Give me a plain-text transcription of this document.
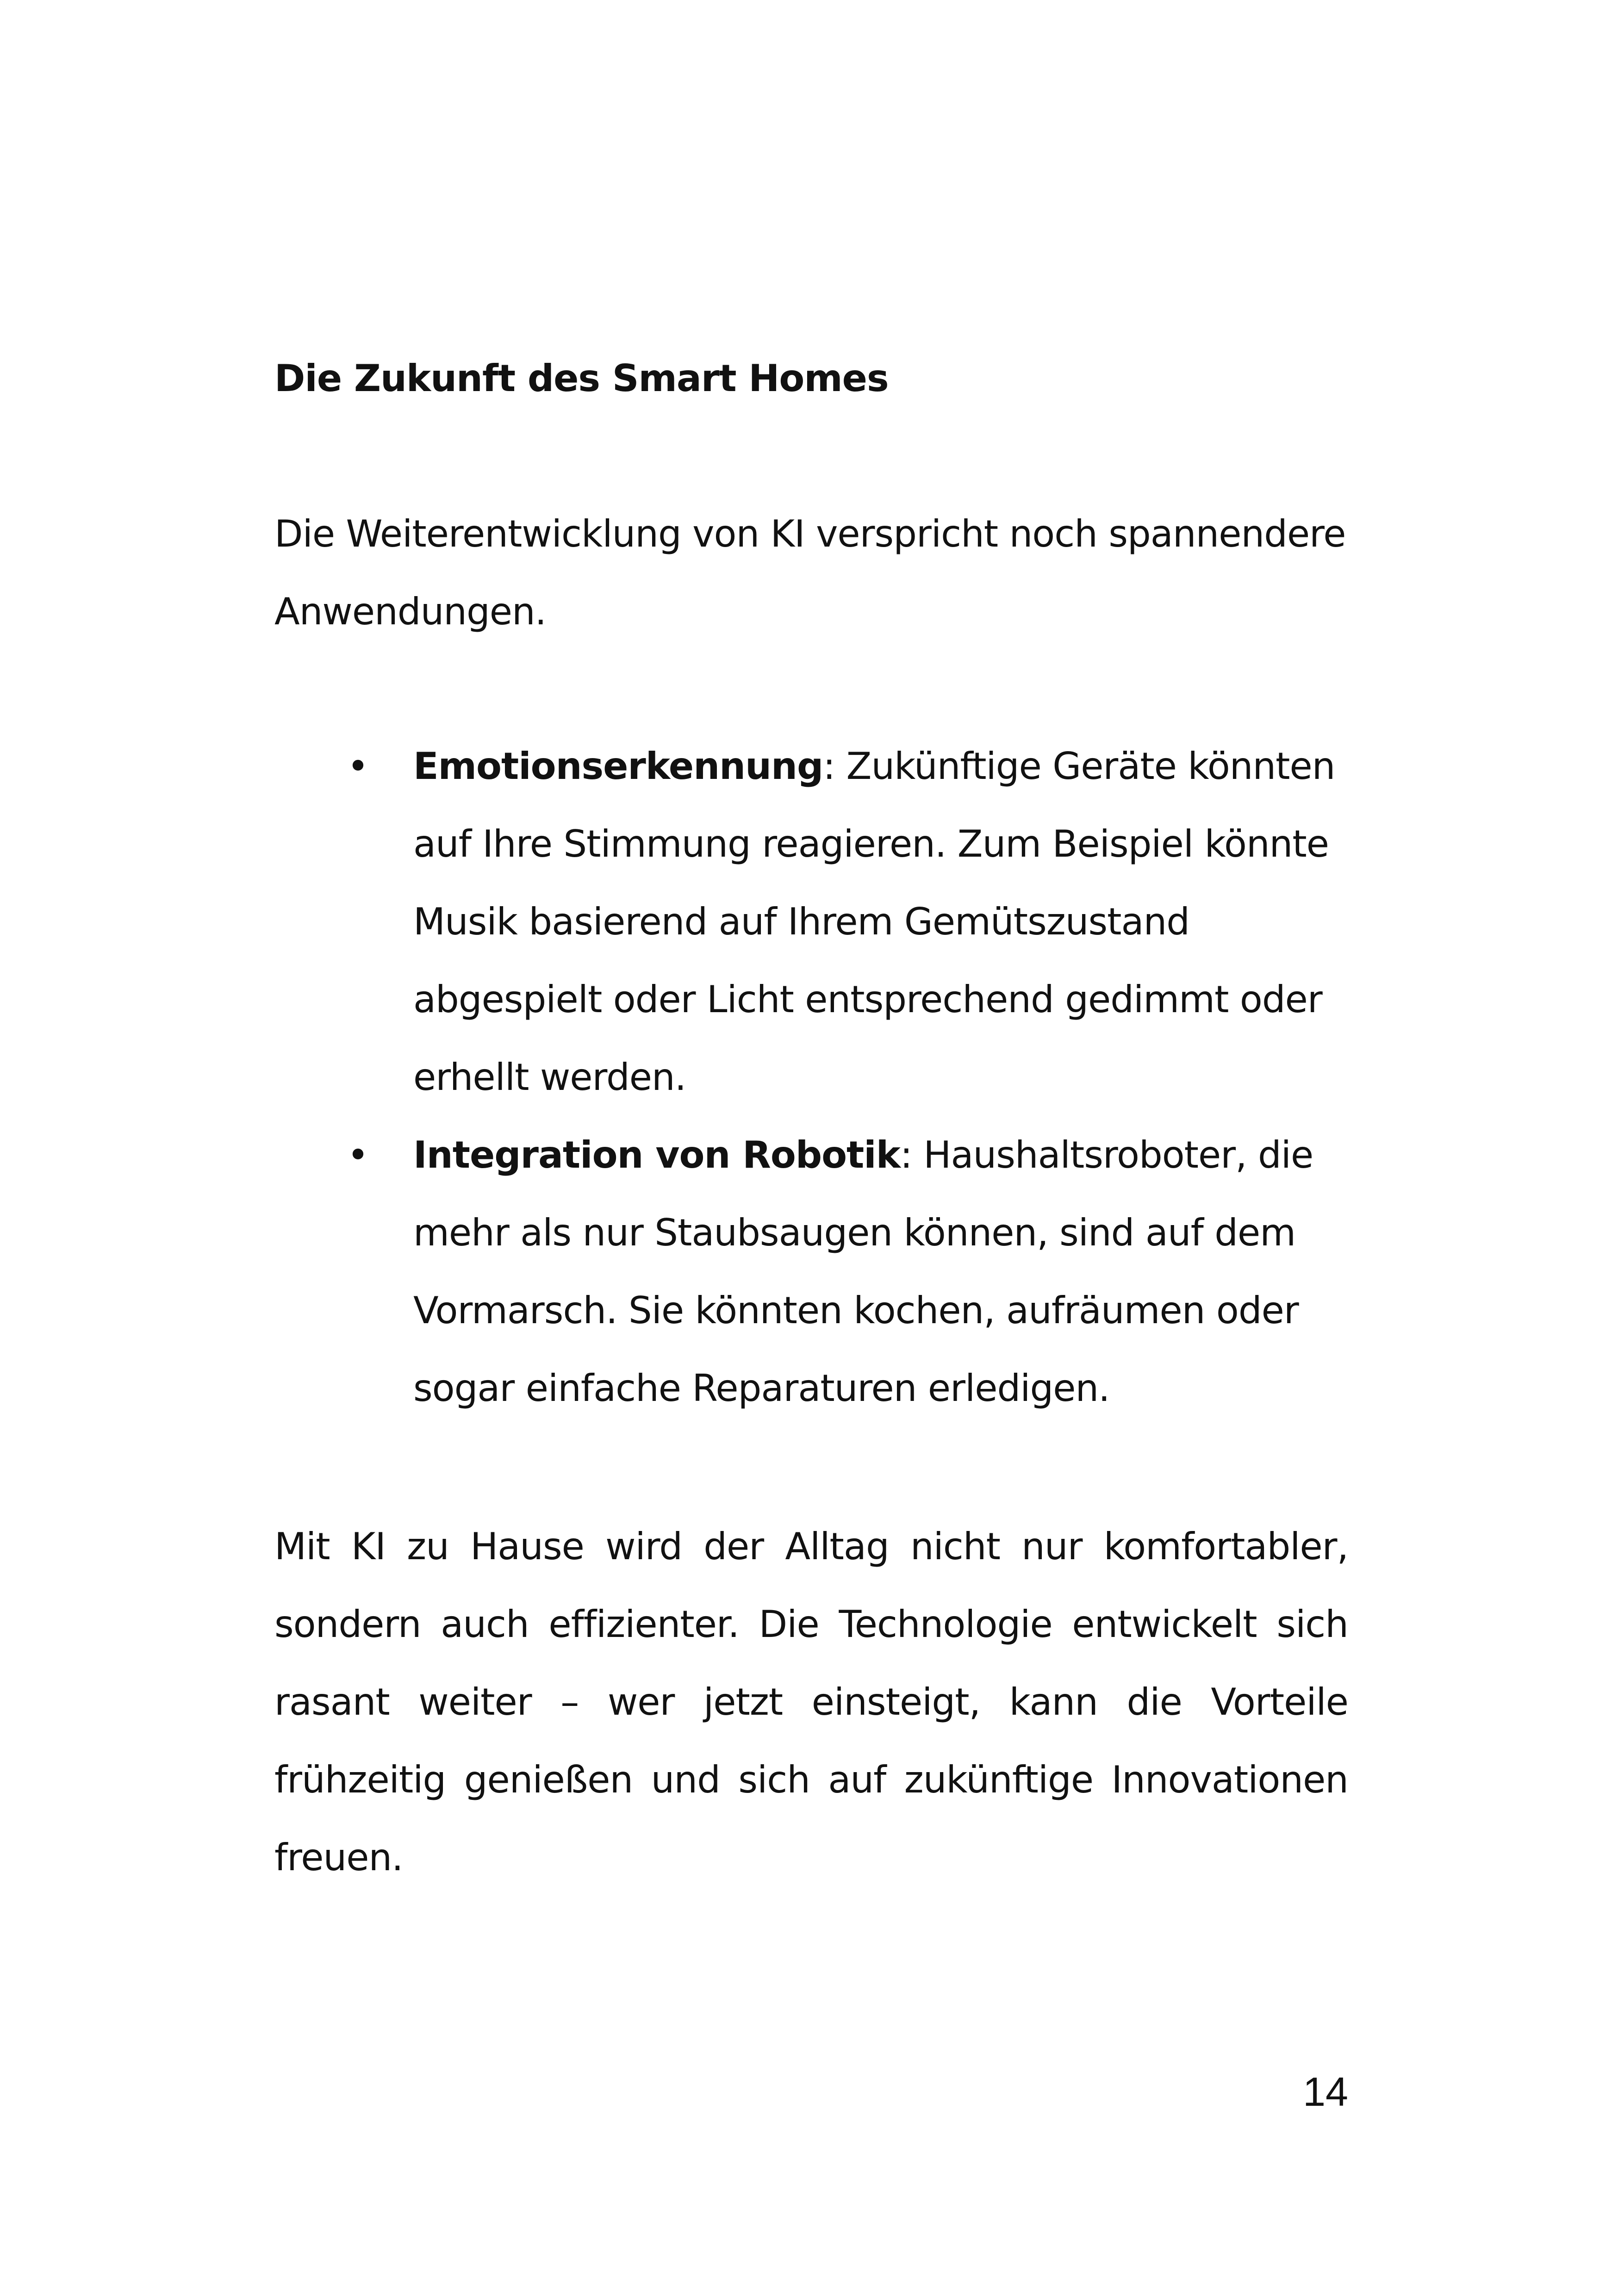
Die Zukunft des Smart Homes

Die Weiterentwicklung von KI verspricht noch spannendere Anwendungen.

• Emotionserkennung: Zukünftige Geräte könnten auf Ihre Stimmung reagieren. Zum Beispiel könnte Musik basierend auf Ihrem Gemütszustand abgespielt oder Licht entsprechend gedimmt oder erhellt werden.
• Integration von Robotik: Haushaltsroboter, die mehr als nur Staubsaugen können, sind auf dem Vormarsch. Sie könnten kochen, aufräumen oder sogar einfache Reparaturen erledigen.

Mit KI zu Hause wird der Alltag nicht nur komfortabler,
sondern auch effizienter. Die Technologie entwickelt sich
rasant weiter – wer jetzt einsteigt, kann die Vorteile
frühzeitig genießen und sich auf zukünftige Innovationen
freuen.

14
